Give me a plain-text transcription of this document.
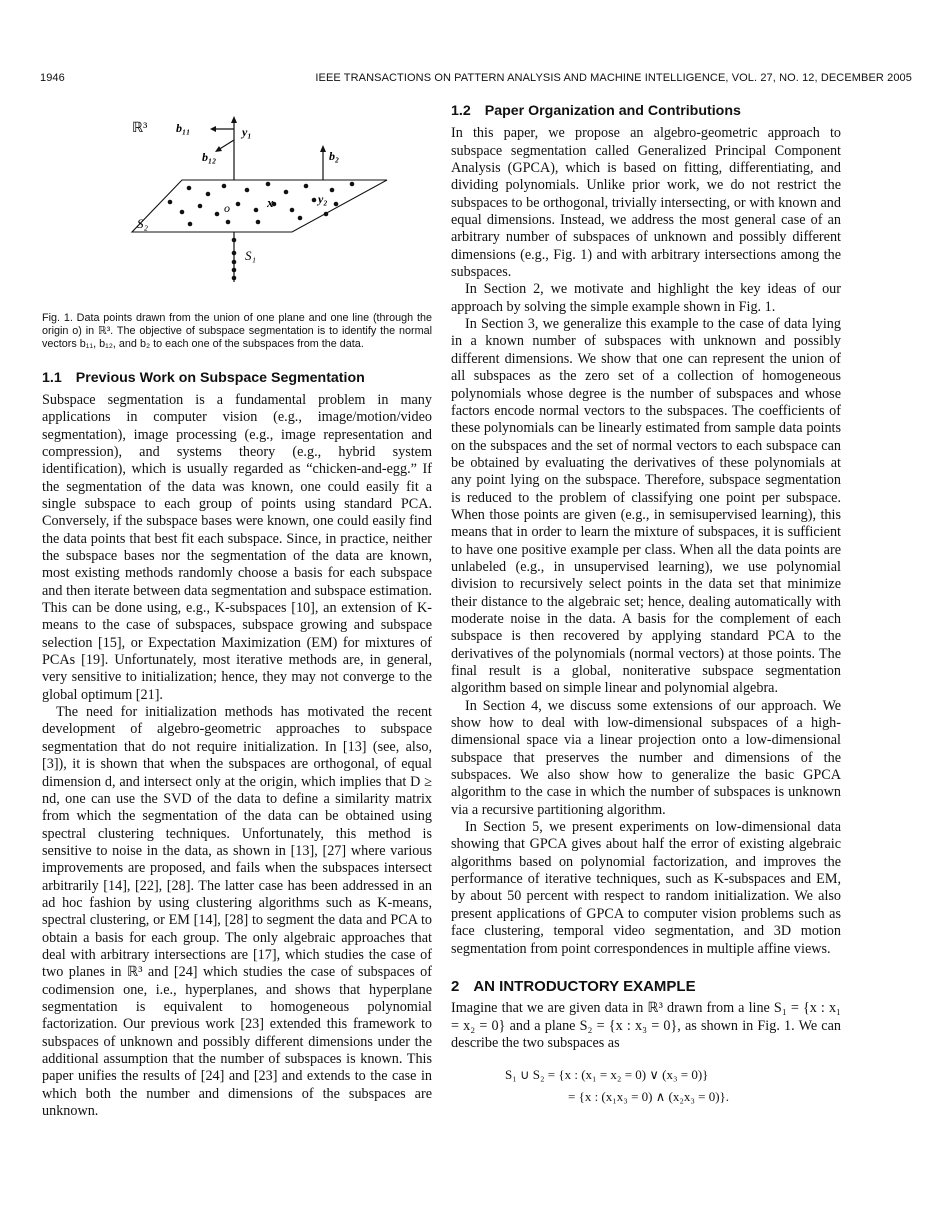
1946	IEEE TRANSACTIONS ON PATTERN ANALYSIS AND MACHINE INTELLIGENCE, VOL. 27, NO. 12, DECEMBER 2005
ℝ³	y₁
b₁₁
b₁₂	b₂
S₂
o	x	y₂
S₁
Fig. 1. Data points drawn from the union of one plane and one line (through the origin o) in ℝ³. The objective of subspace segmentation is to identify the normal vectors b₁₁, b₁₂, and b₂ to each one of the subspaces from the data.
1.1 Previous Work on Subspace Segmentation

Subspace segmentation is a fundamental problem in many applications in computer vision (e.g., image/motion/video segmentation), image processing (e.g., image representation and compression), and systems theory (e.g., hybrid system identification), which is usually regarded as “chicken-and-egg.” If the segmentation of the data was known, one could easily fit a single subspace to each group of points using standard PCA. Conversely, if the subspace bases were known, one could easily find the data points that best fit each subspace. Since, in practice, neither the subspace bases nor the segmentation of the data are known, most existing methods randomly choose a basis for each subspace and then iterate between data segmentation and subspace estimation. This can be done using, e.g., K-subspaces [10], an extension of K-means to the case of subspaces, subspace growing and subspace selection [15], or Expectation Maximization (EM) for mixtures of PCAs [19]. Unfortunately, most iterative methods are, in general, very sensitive to initialization; hence, they may not converge to the global optimum [21].

The need for initialization methods has motivated the recent development of algebro-geometric approaches to subspace segmentation that do not require initialization. In [13] (see, also, [3]), it is shown that when the subspaces are orthogonal, of equal dimension d, and intersect only at the origin, which implies that D ≥ nd, one can use the SVD of the data to define a similarity matrix from which the segmentation of the data can be obtained using spectral clustering techniques. Unfortunately, this method is sensitive to noise in the data, as shown in [13], [27] where various improvements are proposed, and fails when the subspaces intersect arbitrarily [14], [22], [28]. The latter case has been addressed in an ad hoc fashion by using clustering algorithms such as K-means, spectral clustering, or EM [14], [28] to segment the data and PCA to obtain a basis for each group. The only algebraic approaches that deal with arbitrary intersections are [17], which studies the case of two planes in ℝ³ and [24] which studies the case of subspaces of codimension one, i.e., hyperplanes, and shows that hyperplane segmentation is equivalent to homogeneous polynomial factorization. Our previous work [23] extended this framework to subspaces of unknown and possibly different dimensions under the additional assumption that the number of subspaces is known. This paper unifies the results of [24] and [23] and extends to the case in which both the number and dimensions of the subspaces are unknown.

1.2 Paper Organization and Contributions

In this paper, we propose an algebro-geometric approach to subspace segmentation called Generalized Principal Component Analysis (GPCA), which is based on fitting, differentiating, and dividing polynomials. Unlike prior work, we do not restrict the subspaces to be orthogonal, trivially intersecting, or with known and equal dimensions. Instead, we address the most general case of an arbitrary number of subspaces of unknown and possibly different dimensions (e.g., Fig. 1) and with arbitrary intersections among the subspaces.

In Section 2, we motivate and highlight the key ideas of our approach by solving the simple example shown in Fig. 1.

In Section 3, we generalize this example to the case of data lying in a known number of subspaces with unknown and possibly different dimensions. We show that one can represent the union of all subspaces as the zero set of a collection of homogeneous polynomials whose degree is the number of subspaces and whose factors encode normal vectors to the subspaces. The coefficients of these polynomials can be linearly estimated from sample data points on the subspaces and the set of normal vectors to each subspace can be obtained by evaluating the derivatives of these polynomials at any point lying on the subspace. Therefore, subspace segmentation is reduced to the problem of classifying one point per subspace. When those points are given (e.g., in semisupervised learning), this means that in order to learn the mixture of subspaces, it is sufficient to have one positive example per class. When all the data points are unlabeled (e.g., in unsupervised learning), we use polynomial division to recursively select points in the data set that minimize their distance to the algebraic set; hence, dealing automatically with moderate noise in the data. A basis for the complement of each subspace is then recovered by applying standard PCA to the derivatives of the polynomials (normal vectors) at those points. The final result is a global, noniterative subspace segmentation algorithm based on simple linear and polynomial algebra.

In Section 4, we discuss some extensions of our approach. We show how to deal with low-dimensional subspaces of a high-dimensional space via a linear projection onto a low-dimensional subspace that preserves the number and dimensions of the subspaces. We also show how to generalize the basic GPCA algorithm to the case in which the number of subspaces is unknown via a recursive partitioning algorithm.

In Section 5, we present experiments on low-dimensional data showing that GPCA gives about half the error of existing algebraic algorithms based on polynomial factorization, and improves the performance of iterative techniques, such as K-subspaces and EM, by about 50 percent with respect to random initialization. We also present applications of GPCA to computer vision problems such as face clustering, temporal video segmentation, and 3D motion segmentation from point correspondences in multiple affine views.

2 AN INTRODUCTORY EXAMPLE

Imagine that we are given data in ℝ³ drawn from a line S₁ = {x : x₁ = x₂ = 0} and a plane S₂ = {x : x₃ = 0}, as shown in Fig. 1. We can describe the two subspaces as

S₁ ∪ S₂ = {x : (x₁ = x₂ = 0) ∨ (x₃ = 0)}
= {x : (x₁x₃ = 0) ∧ (x₂x₃ = 0)}.
